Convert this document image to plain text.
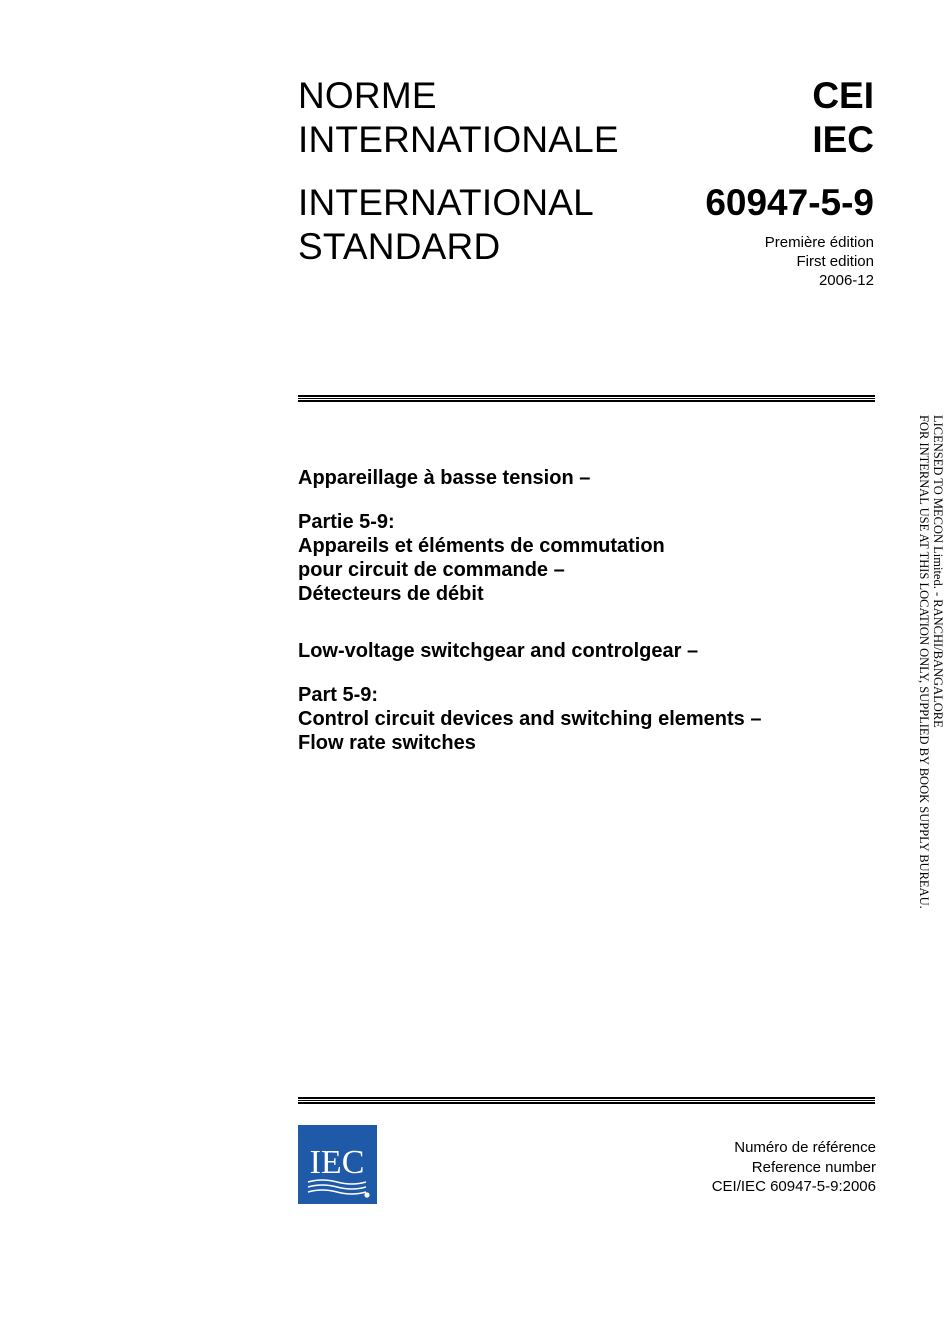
NORME
INTERNATIONALE
INTERNATIONAL
STANDARD
CEI
IEC
60947-5-9
Première édition
First edition
2006-12
Appareillage à basse tension –
Partie 5-9:
Appareils et éléments de commutation
pour circuit de commande –
Détecteurs de débit
Low-voltage switchgear and controlgear –
Part 5-9:
Control circuit devices and switching elements –
Flow rate switches
LICENSED TO MECON Limited. - RANCHI/BANGALORE
FOR INTERNAL USE AT THIS LOCATION ONLY, SUPPLIED BY BOOK SUPPLY BUREAU.
IEC	Numéro de référence
Reference number
CEI/IEC 60947-5-9:2006
